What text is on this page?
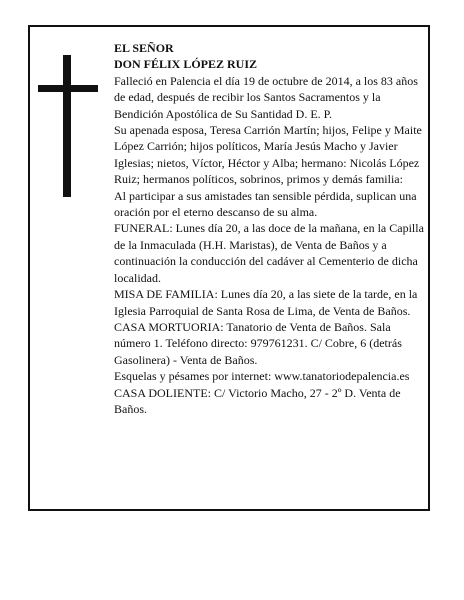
EL SEÑOR

DON FÉLIX LÓPEZ RUIZ

Falleció en Palencia el día 19 de octubre de 2014, a los 83 años de edad, después de recibir los Santos Sacramentos y la Bendición Apostólica de Su Santidad D. E. P.

Su apenada esposa, Teresa Carrión Martín; hijos, Felipe y Maite López Carrión; hijos políticos, María Jesús Macho y Javier Iglesias; nietos, Víctor, Héctor y Alba; hermano: Nicolás López Ruiz; hermanos políticos, sobrinos, primos y demás familia:

Al participar a sus amistades tan sensible pérdida, suplican una oración por el eterno descanso de su alma.

FUNERAL: Lunes día 20, a las doce de la mañana, en la Capilla de la Inmaculada (H.H. Maristas), de Venta de Baños y a continuación la conducción del cadáver al Cementerio de dicha localidad.

MISA DE FAMILIA: Lunes día 20, a las siete de la tarde, en la Iglesia Parroquial de Santa Rosa de Lima, de Venta de Baños.

CASA MORTUORIA: Tanatorio de Venta de Baños. Sala número 1. Teléfono directo: 979761231. C/ Cobre, 6 (detrás Gasolinera) - Venta de Baños.

Esquelas y pésames por internet: www.tanatoriodepalencia.es

CASA DOLIENTE: C/ Victorio Macho, 27 - 2º D. Venta de Baños.
